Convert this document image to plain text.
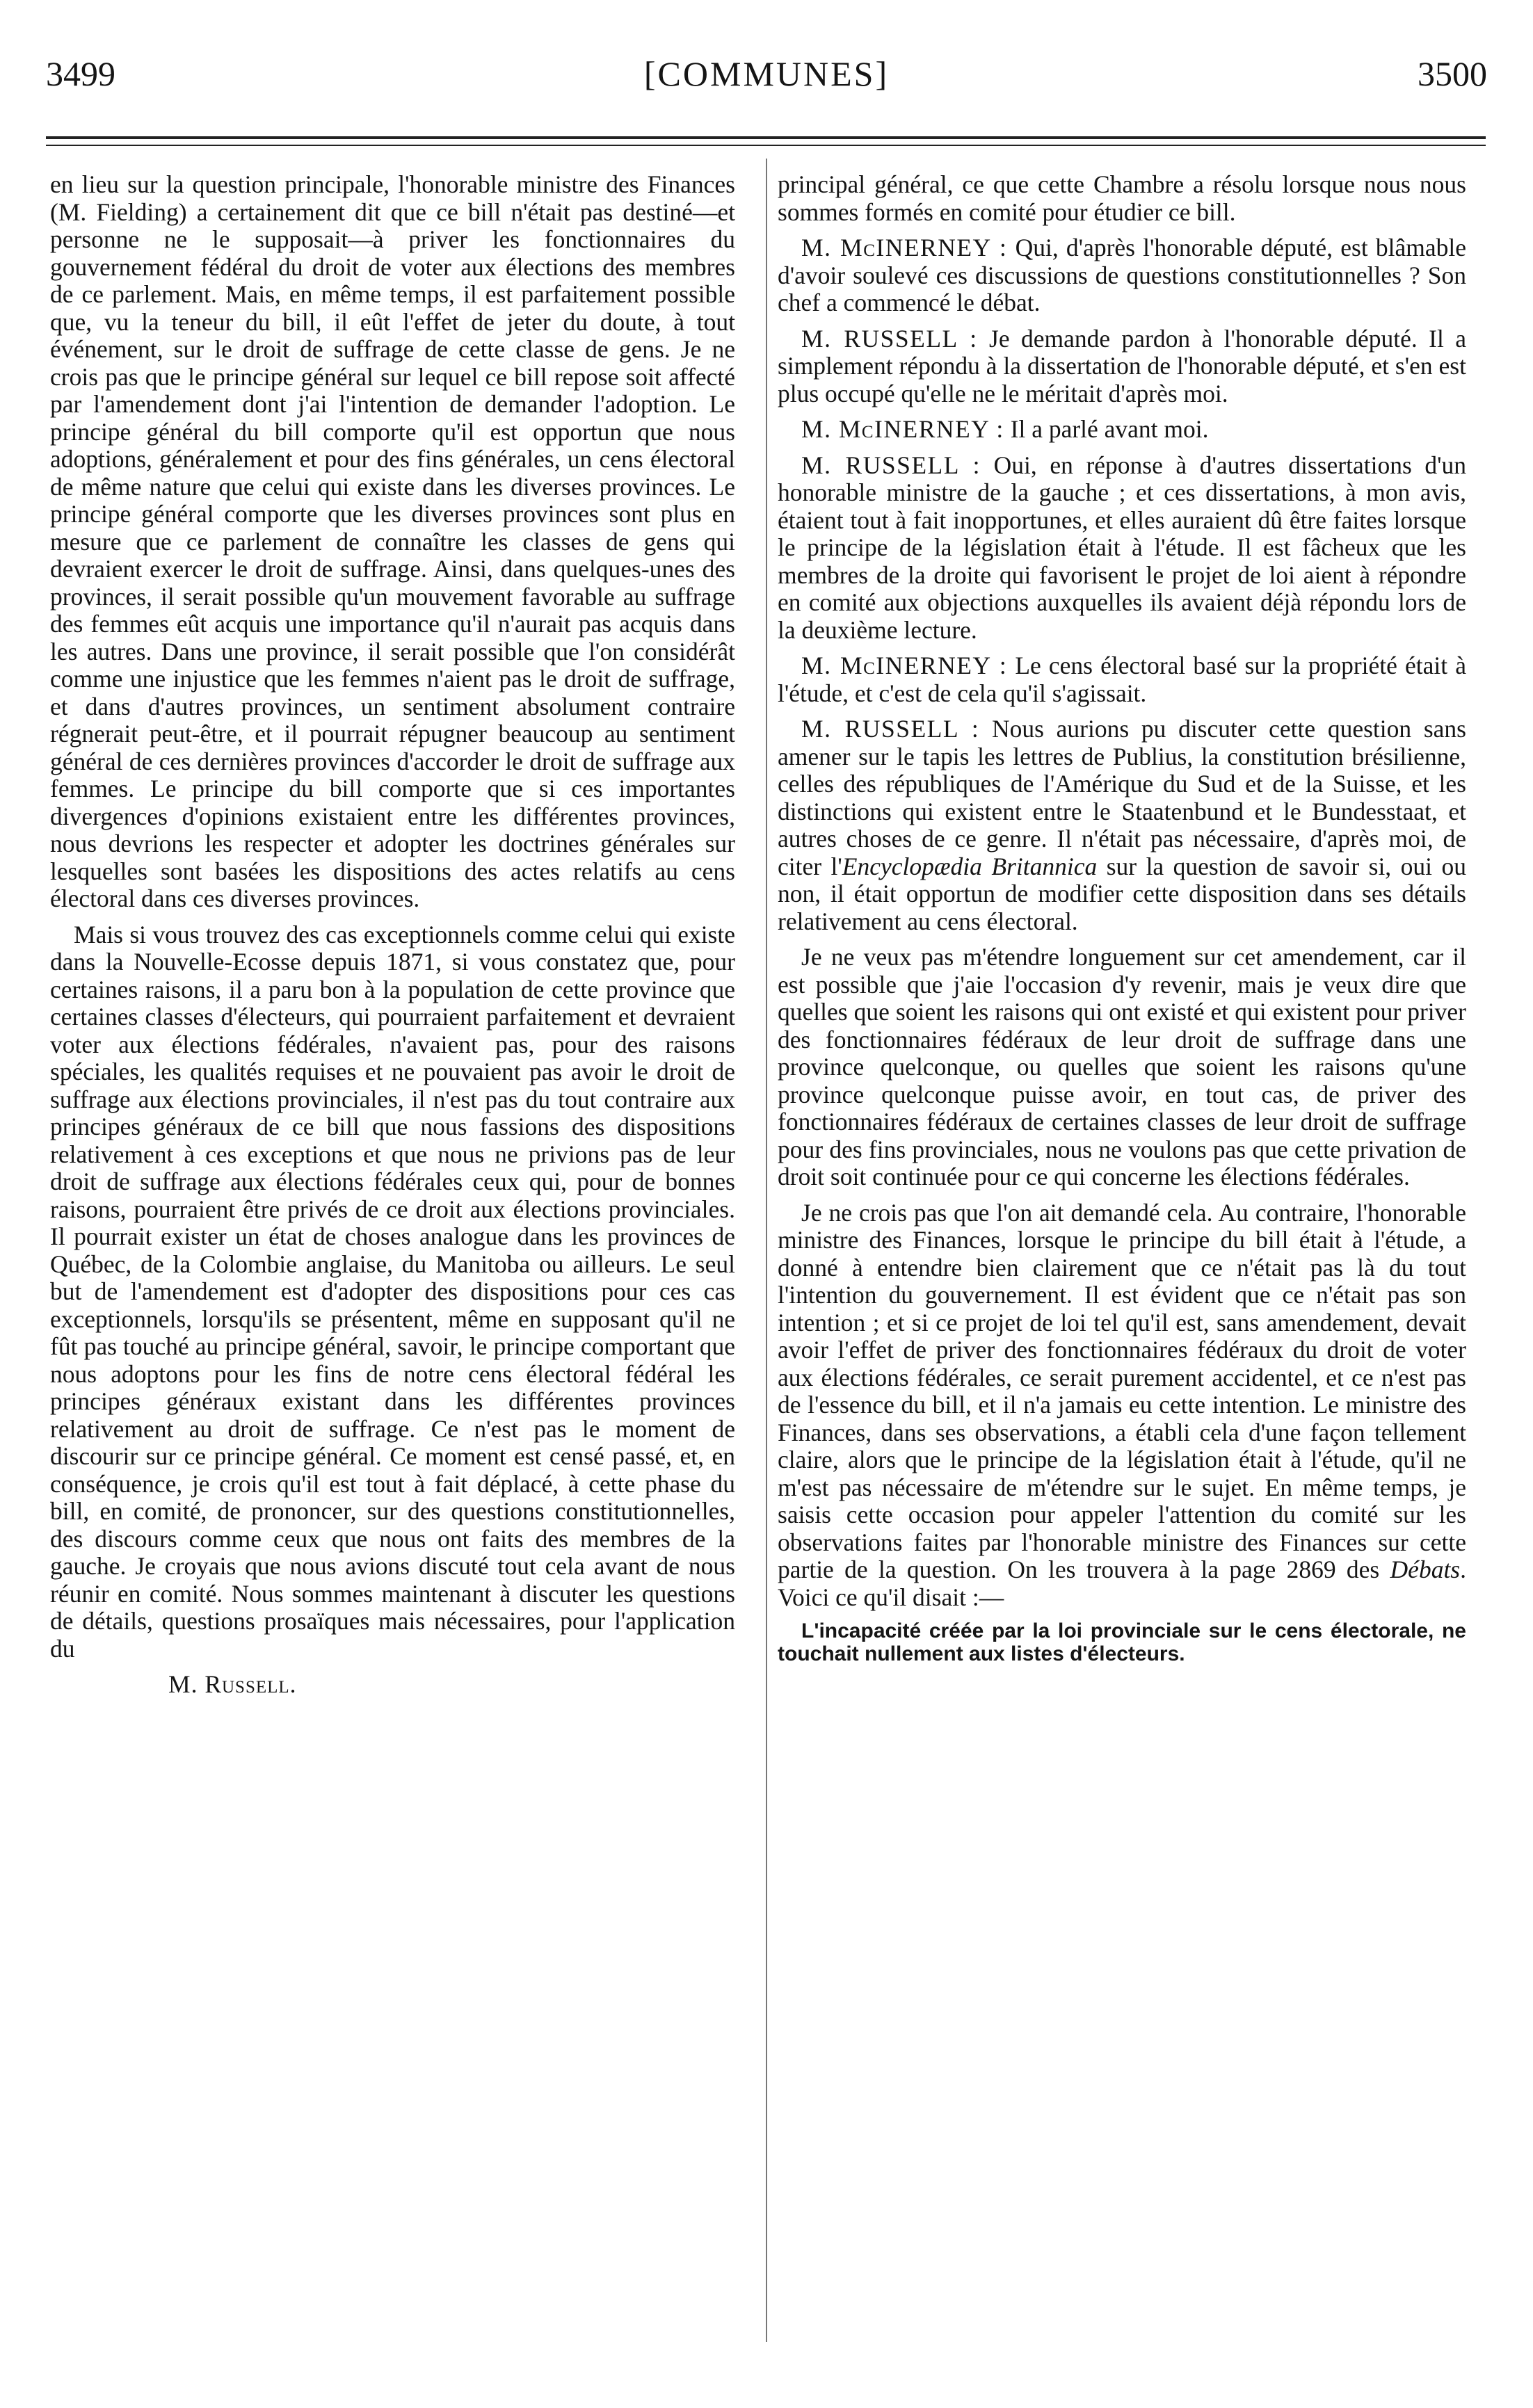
3499	[COMMUNES]	3500

en lieu sur la question principale, l'honorable ministre des Finances (M. Fielding) a certainement dit que ce bill n'était pas destiné—et personne ne le supposait—à priver les fonctionnaires du gouvernement fédéral du droit de voter aux élections des membres de ce parlement. Mais, en même temps, il est parfaitement possible que, vu la teneur du bill, il eût l'effet de jeter du doute, à tout événement, sur le droit de suffrage de cette classe de gens. Je ne crois pas que le principe général sur lequel ce bill repose soit affecté par l'amendement dont j'ai l'intention de demander l'adoption. Le principe général du bill comporte qu'il est opportun que nous adoptions, généralement et pour des fins générales, un cens électoral de même nature que celui qui existe dans les diverses provinces. Le principe général comporte que les diverses provinces sont plus en mesure que ce parlement de connaître les classes de gens qui devraient exercer le droit de suffrage. Ainsi, dans quelques-unes des provinces, il serait possible qu'un mouvement favorable au suffrage des femmes eût acquis une importance qu'il n'aurait pas acquis dans les autres. Dans une province, il serait possible que l'on considérât comme une injustice que les femmes n'aient pas le droit de suffrage, et dans d'autres provinces, un sentiment absolument contraire régnerait peut-être, et il pourrait répugner beaucoup au sentiment général de ces dernières provinces d'accorder le droit de suffrage aux femmes. Le principe du bill comporte que si ces importantes divergences d'opinions existaient entre les différentes provinces, nous devrions les respecter et adopter les doctrines générales sur lesquelles sont basées les dispositions des actes relatifs au cens électoral dans ces diverses provinces.

Mais si vous trouvez des cas exceptionnels comme celui qui existe dans la Nouvelle-Ecosse depuis 1871, si vous constatez que, pour certaines raisons, il a paru bon à la population de cette province que certaines classes d'électeurs, qui pourraient parfaitement et devraient voter aux élections fédérales, n'avaient pas, pour des raisons spéciales, les qualités requises et ne pouvaient pas avoir le droit de suffrage aux élections provinciales, il n'est pas du tout contraire aux principes généraux de ce bill que nous fassions des dispositions relativement à ces exceptions et que nous ne privions pas de leur droit de suffrage aux élections fédérales ceux qui, pour de bonnes raisons, pourraient être privés de ce droit aux élections provinciales. Il pourrait exister un état de choses analogue dans les provinces de Québec, de la Colombie anglaise, du Manitoba ou ailleurs. Le seul but de l'amendement est d'adopter des dispositions pour ces cas exceptionnels, lorsqu'ils se présentent, même en supposant qu'il ne fût pas touché au principe général, savoir, le principe comportant que nous adoptons pour les fins de notre cens électoral fédéral les principes généraux existant dans les différentes provinces relativement au droit de suffrage. Ce n'est pas le moment de discourir sur ce principe général. Ce moment est censé passé, et, en conséquence, je crois qu'il est tout à fait déplacé, à cette phase du bill, en comité, de prononcer, sur des questions constitutionnelles, des discours comme ceux que nous ont faits des membres de la gauche. Je croyais que nous avions discuté tout cela avant de nous réunir en comité. Nous sommes maintenant à discuter les questions de détails, questions prosaïques mais nécessaires, pour l'application du

M. Russell.

principal général, ce que cette Chambre a résolu lorsque nous nous sommes formés en comité pour étudier ce bill.

M. McINERNEY : Qui, d'après l'honorable député, est blâmable d'avoir soulevé ces discussions de questions constitutionnelles ? Son chef a commencé le débat.

M. RUSSELL : Je demande pardon à l'honorable député. Il a simplement répondu à la dissertation de l'honorable député, et s'en est plus occupé qu'elle ne le méritait d'après moi.

M. McINERNEY : Il a parlé avant moi.

M. RUSSELL : Oui, en réponse à d'autres dissertations d'un honorable ministre de la gauche ; et ces dissertations, à mon avis, étaient tout à fait inopportunes, et elles auraient dû être faites lorsque le principe de la législation était à l'étude. Il est fâcheux que les membres de la droite qui favorisent le projet de loi aient à répondre en comité aux objections auxquelles ils avaient déjà répondu lors de la deuxième lecture.

M. McINERNEY : Le cens électoral basé sur la propriété était à l'étude, et c'est de cela qu'il s'agissait.

M. RUSSELL : Nous aurions pu discuter cette question sans amener sur le tapis les lettres de Publius, la constitution brésilienne, celles des républiques de l'Amérique du Sud et de la Suisse, et les distinctions qui existent entre le Staatenbund et le Bundesstaat, et autres choses de ce genre. Il n'était pas nécessaire, d'après moi, de citer l'Encyclopædia Britannica sur la question de savoir si, oui ou non, il était opportun de modifier cette disposition dans ses détails relativement au cens électoral.

Je ne veux pas m'étendre longuement sur cet amendement, car il est possible que j'aie l'occasion d'y revenir, mais je veux dire que quelles que soient les raisons qui ont existé et qui existent pour priver des fonctionnaires fédéraux de leur droit de suffrage dans une province quelconque, ou quelles que soient les raisons qu'une province quelconque puisse avoir, en tout cas, de priver des fonctionnaires fédéraux de certaines classes de leur droit de suffrage pour des fins provinciales, nous ne voulons pas que cette privation de droit soit continuée pour ce qui concerne les élections fédérales.

Je ne crois pas que l'on ait demandé cela. Au contraire, l'honorable ministre des Finances, lorsque le principe du bill était à l'étude, a donné à entendre bien clairement que ce n'était pas là du tout l'intention du gouvernement. Il est évident que ce n'était pas son intention ; et si ce projet de loi tel qu'il est, sans amendement, devait avoir l'effet de priver des fonctionnaires fédéraux du droit de voter aux élections fédérales, ce serait purement accidentel, et ce n'est pas de l'essence du bill, et il n'a jamais eu cette intention. Le ministre des Finances, dans ses observations, a établi cela d'une façon tellement claire, alors que le principe de la législation était à l'étude, qu'il ne m'est pas nécessaire de m'étendre sur le sujet. En même temps, je saisis cette occasion pour appeler l'attention du comité sur les observations faites par l'honorable ministre des Finances sur cette partie de la question. On les trouvera à la page 2869 des Débats. Voici ce qu'il disait :—

L'incapacité créée par la loi provinciale sur le cens électorale, ne touchait nullement aux listes d'électeurs.
